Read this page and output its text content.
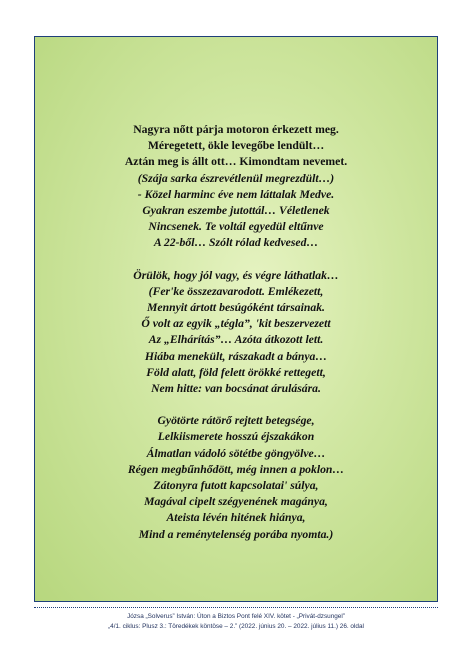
Nagyra nőtt párja motoron érkezett meg.
Méregetett, ökle levegőbe lendült…
Aztán meg is állt ott… Kimondtam nevemet.
(Szája sarka észrevétlenül megrezdült…)
- Közel harminc éve nem láttalak Medve.
Gyakran eszembe jutottál… Véletlenek
Nincsenek. Te voltál egyedül eltűnve
A 22-ből… Szólt rólad kedvesed…
Örülök, hogy jól vagy, és végre láthatlak…
(Fer'ke összezavarodott. Emlékezett,
Mennyit ártott besúgóként társainak.
Ő volt az egyik „tégla”, 'kit beszervezett
Az „Elhárítás”… Azóta átkozott lett.
Hiába menekült, rászakadt a bánya…
Föld alatt, föld felett örökké rettegett,
Nem hitte: van bocsánat árulására.
Gyötörte rátörő rejtett betegsége,
Lelkiismerete hosszú éjszakákon
Álmatlan vádoló sötétbe göngyölve…
Régen megbűnhődött, még innen a poklon…
Zátonyra futott kapcsolatai' súlya,
Magával cipelt szégyenének magánya,
Ateista lévén hitének hiánya,
Mind a reménytelenség porába nyomta.)
Józsa „Solverus” István: Úton a Biztos Pont felé XIV. kötet - „Privát-dzsungel”
„4/1. ciklus: Plusz 3.: Töredékek köntöse – 2.” (2022. június 20. – 2022. július 11.) 26. oldal
